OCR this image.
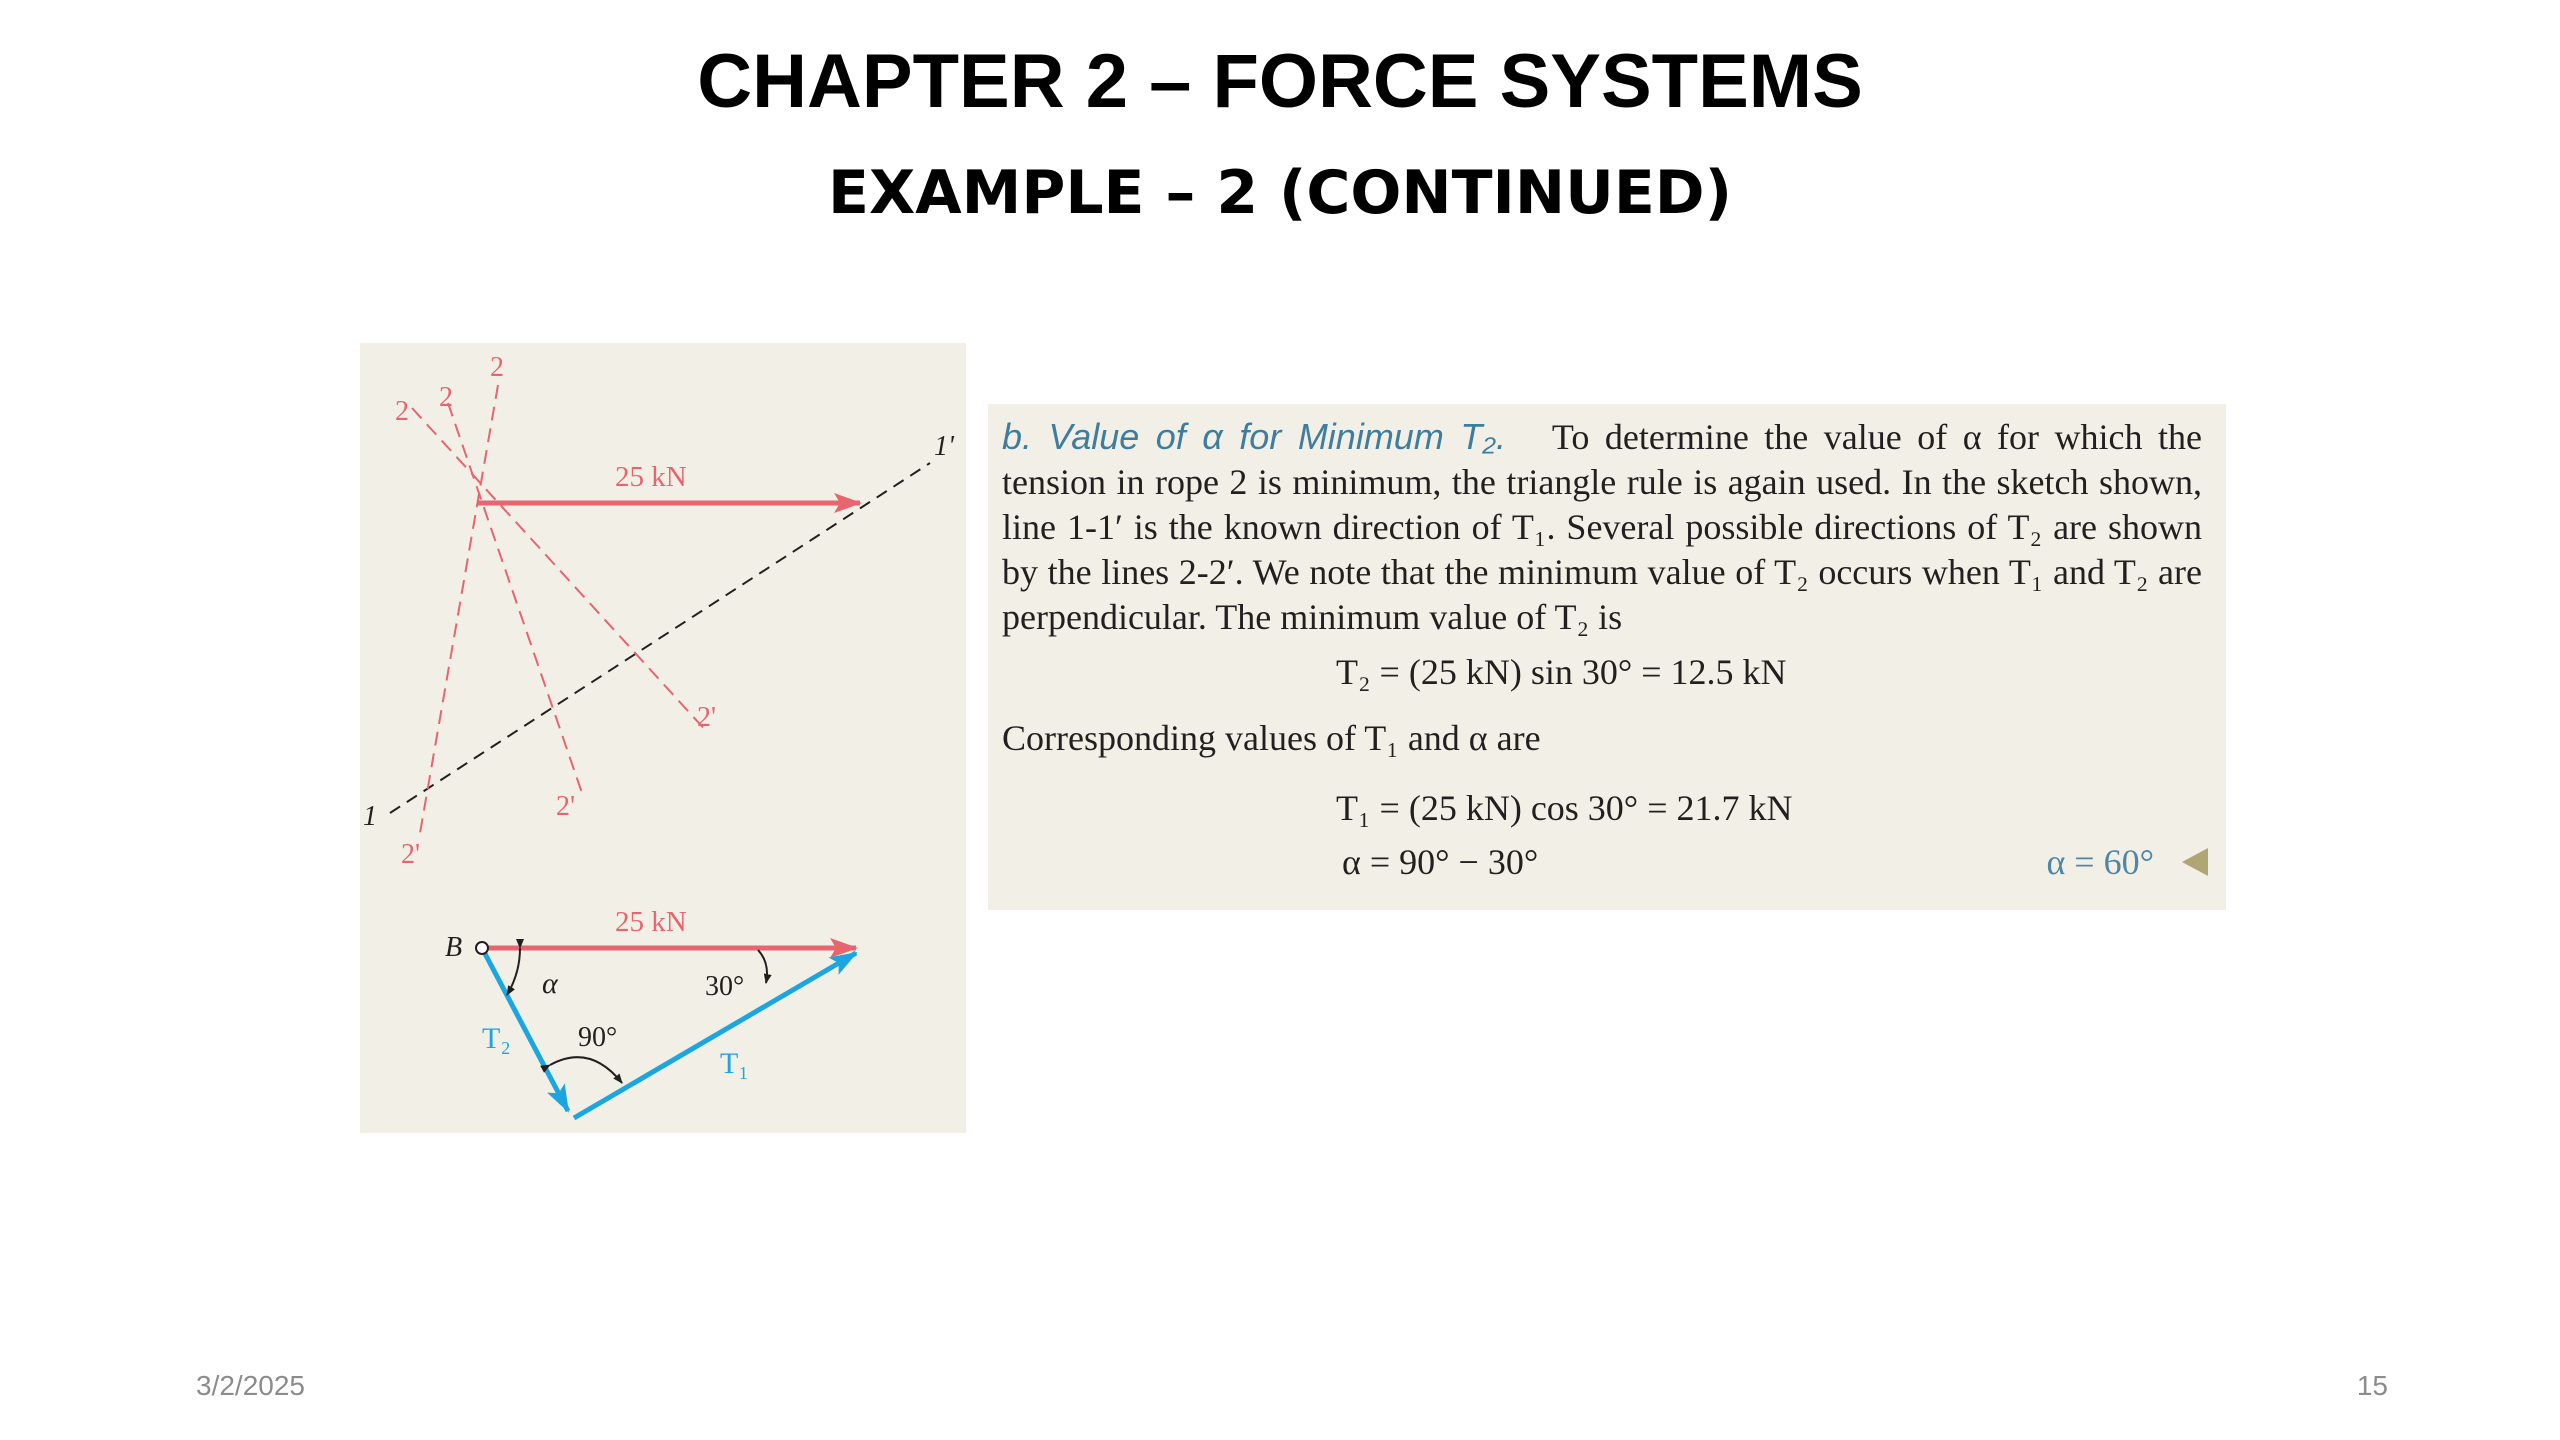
CHAPTER 2 – FORCE SYSTEMS
EXAMPLE – 2 (CONTINUED)
25 kN
1
1'
2 2
2
2'
2'
2'
B
25 kN
α	30°
90°
T₂
T₁

b. Value of α for Minimum T₂. To determine the value of α for which the tension in rope 2 is minimum, the triangle rule is again used. In the sketch shown, line 1-1′ is the known direction of T₁. Several possible directions of T₂ are shown by the lines 2-2′. We note that the minimum value of T₂ occurs when T₁ and T₂ are perpendicular. The minimum value of T₂ is

T₂ = (25 kN) sin 30° = 12.5 kN
Corresponding values of T₁ and α are
T₁ = (25 kN) cos 30° = 21.7 kN
α = 90° − 30°	α = 60°
3/2/2025	15
